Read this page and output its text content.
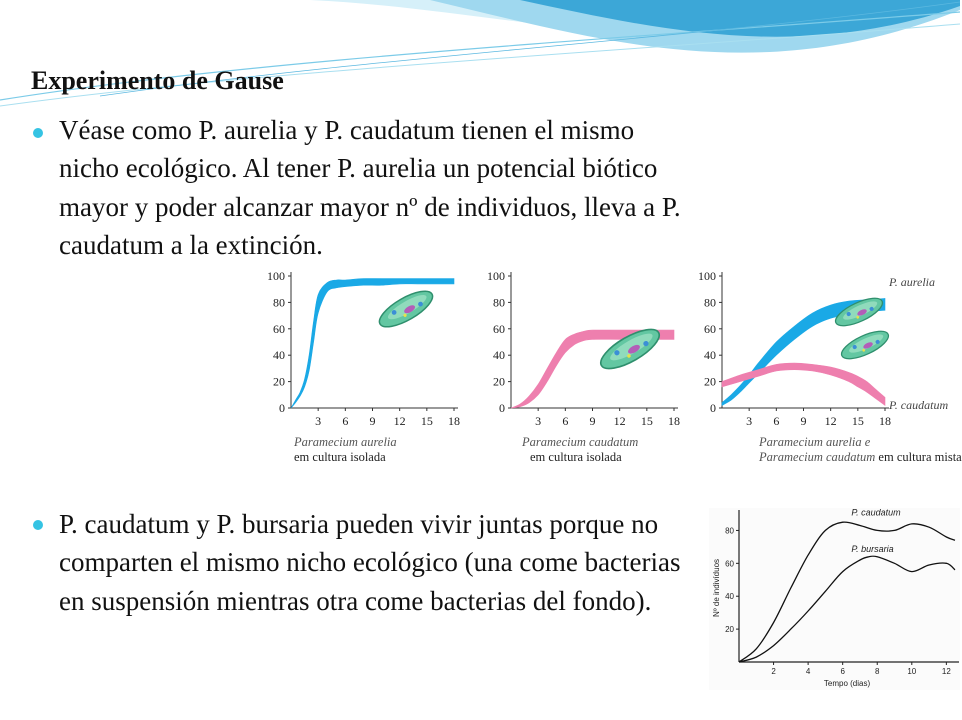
Experimento de Gause
Véase como P. aurelia y P. caudatum tienen el mismo nicho ecológico. Al tener P. aurelia un potencial biótico mayor y poder alcanzar mayor nº de individuos, lleva a P. caudatum a la extinción.
P. caudatum y P. bursaria pueden vivir juntas porque no comparten el mismo nicho ecológico (una come bacterias en suspensión mientras otra come bacterias del fondo).
0
20
40
60
80
100
3 6 9 12 15 18
Paramecium aurelia
em cultura isolada
0
20
40
60
80
100
3 6 9 12 15 18
Paramecium caudatum
em cultura isolada
0
20
40
60
80
100
3 6 9 12 15 18
P. aurelia
P. caudatum
Paramecium aurelia e
Paramecium caudatum em cultura mista
20
40
60
80
2	4	6	8	10	12
Tempo (dias)
Nº de indivíduos
P. caudatum
P. bursaria
